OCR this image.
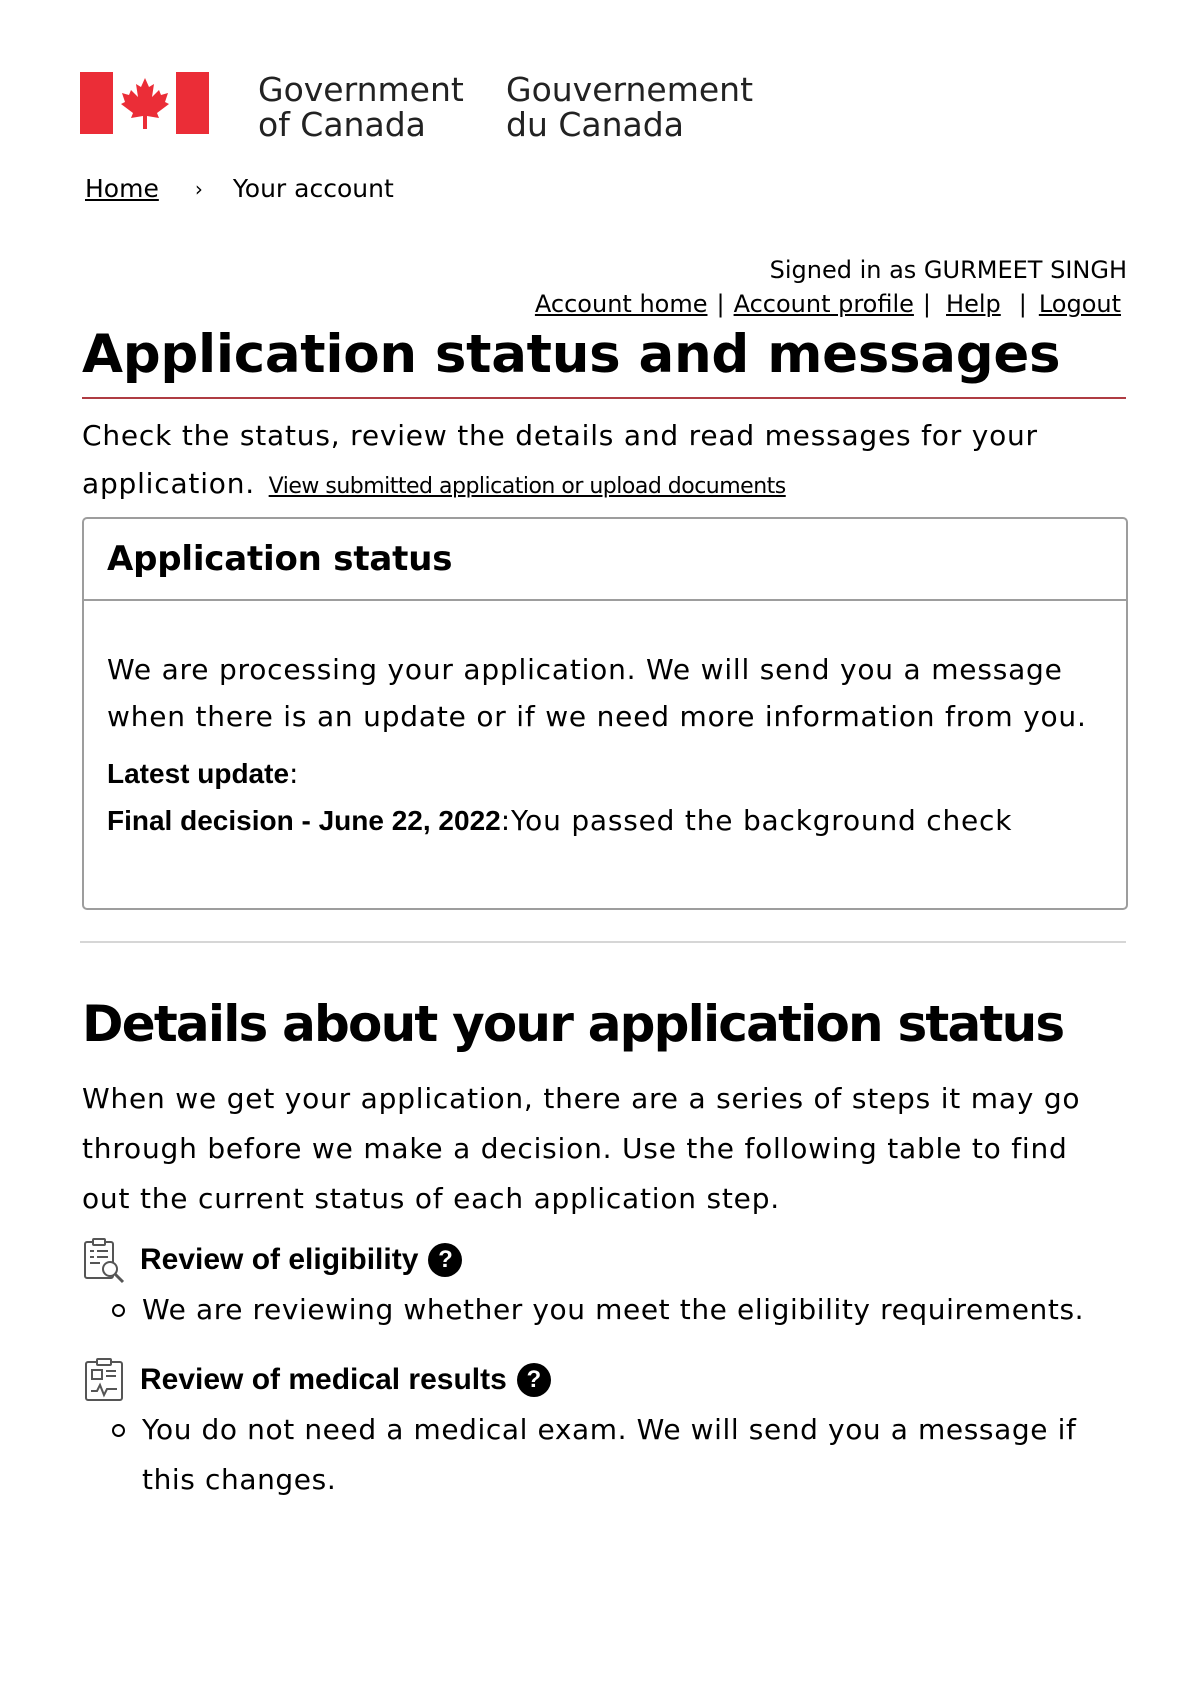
Government
of Canada
Gouvernement
du Canada
Home › Your account
Signed in as GURMEET SINGH
Account home | Account profile | Help | Logout
Application status and messages
Check the status, review the details and read messages for your application. View submitted application or upload documents
Application status

We are processing your application. We will send you a message when there is an update or if we need more information from you.

Latest update:

Final decision - June 22, 2022:You passed the background check

Details about your application status
When we get your application, there are a series of steps it may go through before we make a decision. Use the following table to find out the current status of each application step.
Review of eligibility ?
We are reviewing whether you meet the eligibility requirements.
Review of medical results ?
You do not need a medical exam. We will send you a message if this changes.
